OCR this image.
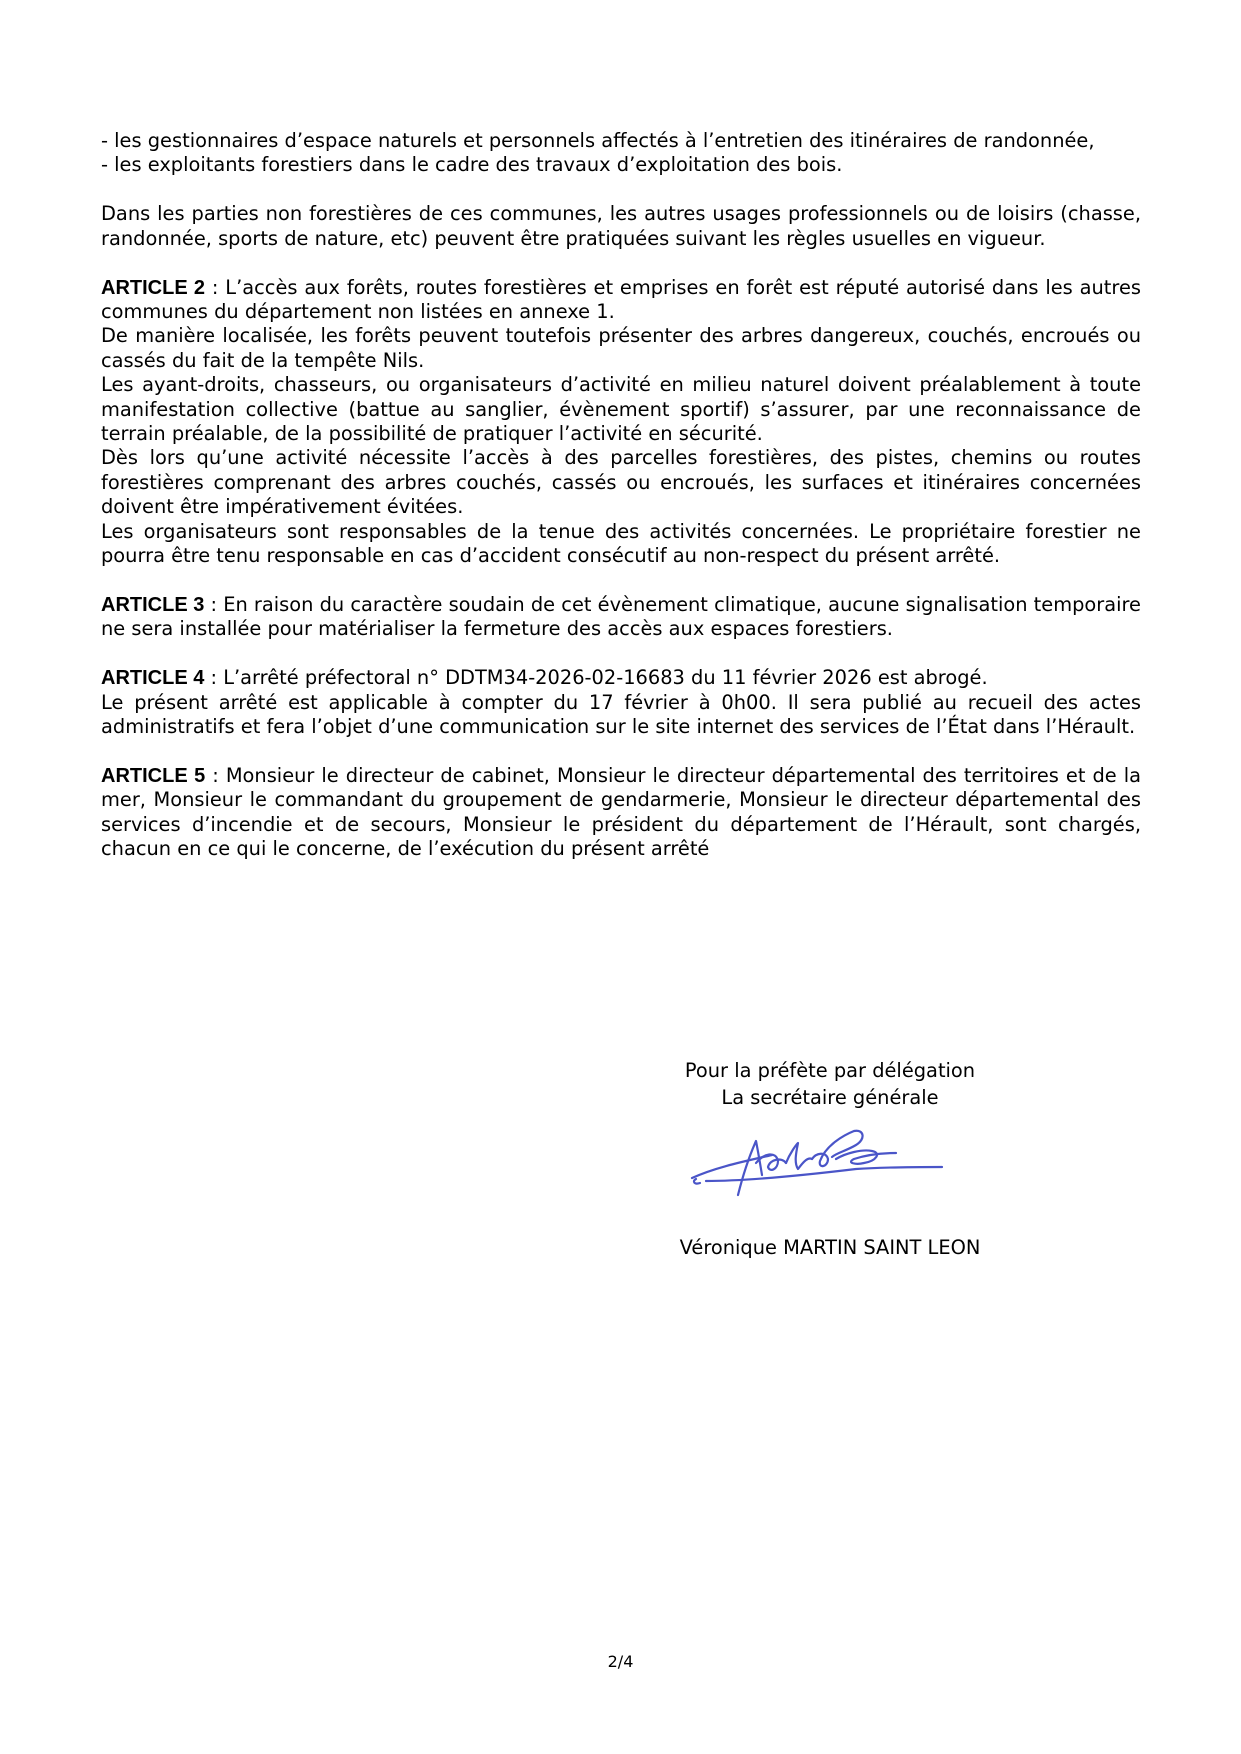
- les gestionnaires d’espace naturels et personnels affectés à l’entretien des itinéraires de randonnée,
- les exploitants forestiers dans le cadre des travaux d’exploitation des bois.

Dans les parties non forestières de ces communes, les autres usages professionnels ou de loisirs (chasse, randonnée, sports de nature, etc) peuvent être pratiquées suivant les règles usuelles en vigueur.

ARTICLE 2 : L’accès aux forêts, routes forestières et emprises en forêt est réputé autorisé dans les autres communes du département non listées en annexe 1.
De manière localisée, les forêts peuvent toutefois présenter des arbres dangereux, couchés, encroués ou cassés du fait de la tempête Nils.
Les ayant-droits, chasseurs, ou organisateurs d’activité en milieu naturel doivent préalablement à toute manifestation collective (battue au sanglier, évènement sportif) s’assurer, par une reconnaissance de terrain préalable, de la possibilité de pratiquer l’activité en sécurité.
Dès lors qu’une activité nécessite l’accès à des parcelles forestières, des pistes, chemins ou routes forestières comprenant des arbres couchés, cassés ou encroués, les surfaces et itinéraires concernées doivent être impérativement évitées.
Les organisateurs sont responsables de la tenue des activités concernées. Le propriétaire forestier ne pourra être tenu responsable en cas d’accident consécutif au non-respect du présent arrêté.
ARTICLE 3 : En raison du caractère soudain de cet évènement climatique, aucune signalisation temporaire ne sera installée pour matérialiser la fermeture des accès aux espaces forestiers.
ARTICLE 4 : L’arrêté préfectoral n° DDTM34-2026-02-16683 du 11 février 2026 est abrogé.
Le présent arrêté est applicable à compter du 17 février à 0h00. Il sera publié au recueil des actes administratifs et fera l’objet d’une communication sur le site internet des services de l’État dans l’Hérault.
ARTICLE 5 : Monsieur le directeur de cabinet, Monsieur le directeur départemental des territoires et de la mer, Monsieur le commandant du groupement de gendarmerie, Monsieur le directeur départemental des services d’incendie et de secours, Monsieur le président du département de l’Hérault, sont chargés, chacun en ce qui le concerne, de l’exécution du présent arrêté
Pour la préfète par délégation
La secrétaire générale
Véronique MARTIN SAINT LEON
2/4
